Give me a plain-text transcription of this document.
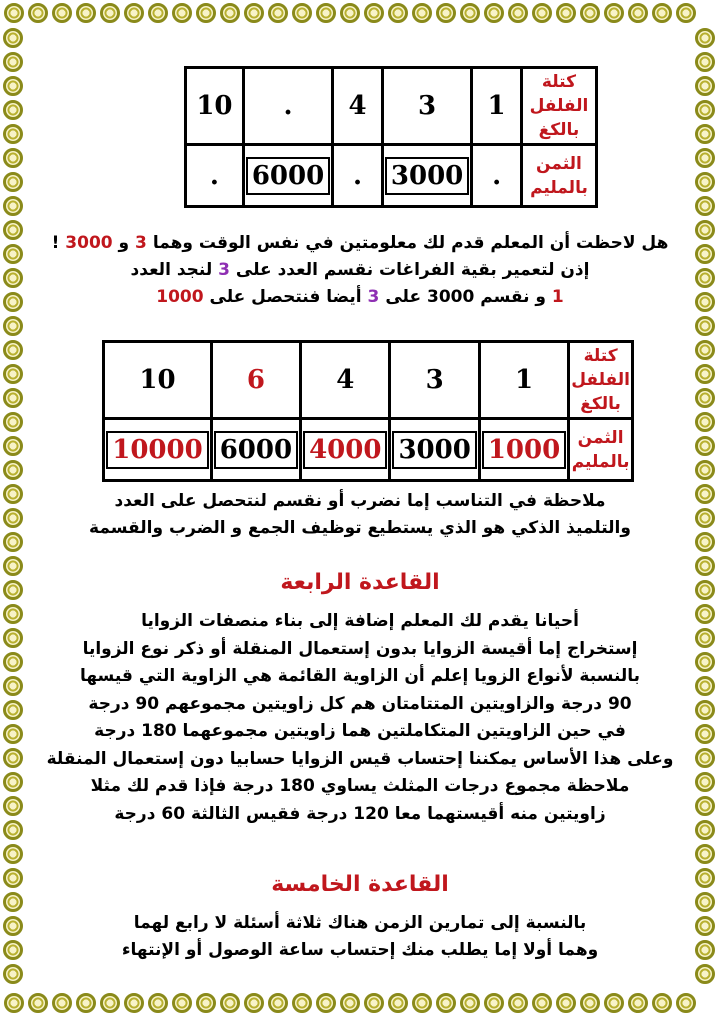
كتلة الفلفل
بالكغ	1	3	4	.	10

الثمن
بالمليم	.	3000	.	6000	.
هل لاحظت أن المعلم قدم لك معلومتين في نفس الوقت وهما 3 و 3000 !
إذن لتعمير بقية الفراغات نقسم العدد على 3 لنجد العدد
1 و نقسم 3000 على 3 أيضا فنتحصل على 1000
كتلة الفلفل
بالكغ	1	3	4	6	10

الثمن
بالمليم	1000	3000	4000	6000	10000
ملاحظة في التناسب إما نضرب أو نقسم لنتحصل على العدد
والتلميذ الذكي هو الذي يستطيع توظيف الجمع و الضرب والقسمة
القاعدة الرابعة
أحيانا يقدم لك المعلم إضافة إلى بناء منصفات الزوايا
إستخراج إما أقيسة الزوايا بدون إستعمال المنقلة أو ذكر نوع الزوايا
بالنسبة لأنواع الزويا إعلم أن الزاوية القائمة هي الزاوية التي قيسها
90 درجة والزاويتين المتتامتان هم كل زاويتين مجموعهم 90 درجة
في حين الزاويتين المتكاملتين هما زاويتين مجموعهما 180 درجة
وعلى هذا الأساس يمكننا إحتساب قيس الزوايا حسابيا دون إستعمال المنقلة
ملاحظة مجموع درجات المثلث يساوي 180 درجة فإذا قدم لك مثلا
زاويتين منه أقيستهما معا 120 درجة فقيس الثالثة 60 درجة
القاعدة الخامسة
بالنسبة إلى تمارين الزمن هناك ثلاثة أسئلة لا رابع لهما
وهما أولا إما يطلب منك إحتساب ساعة الوصول أو الإنتهاء
